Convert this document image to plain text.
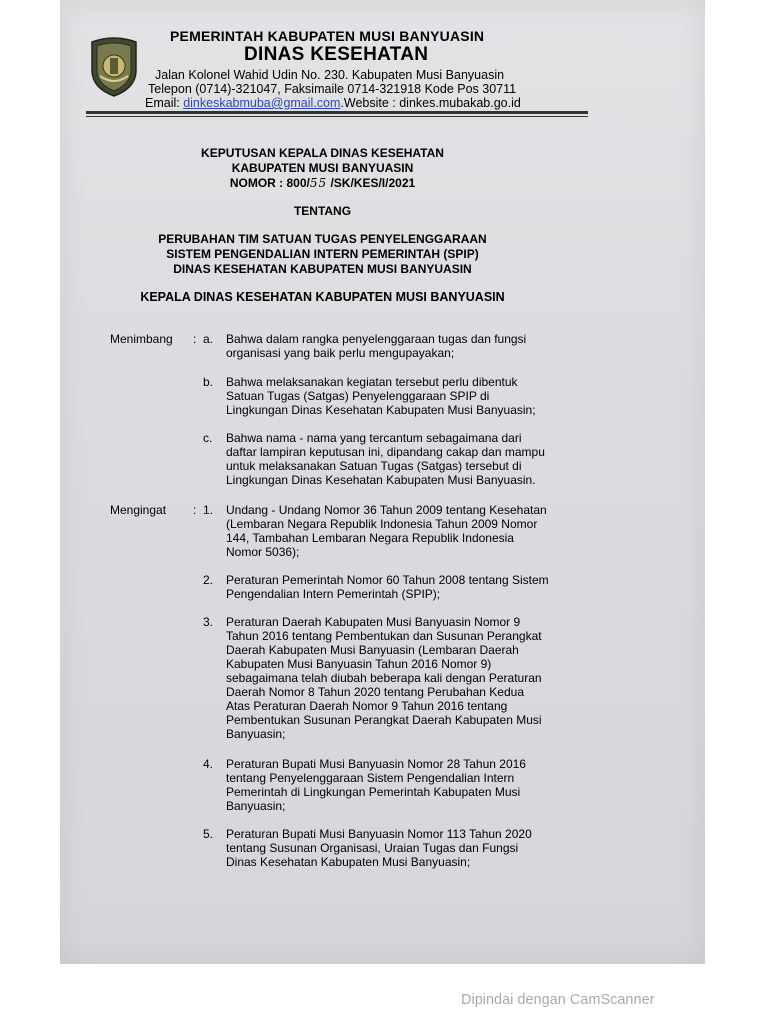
PEMERINTAH KABUPATEN MUSI BANYUASIN
DINAS KESEHATAN
Jalan Kolonel Wahid Udin No. 230. Kabupaten Musi Banyuasin
Telepon (0714)-321047, Faksimaile 0714-321918 Kode Pos 30711
Email: dinkeskabmuba@gmail.com.Website : dinkes.mubakab.go.id
KEPUTUSAN KEPALA DINAS KESEHATAN
KABUPATEN MUSI BANYUASIN
NOMOR : 800/55 /SK/KES/I/2021
TENTANG
PERUBAHAN TIM SATUAN TUGAS PENYELENGGARAAN
SISTEM PENGENDALIAN INTERN PEMERINTAH (SPIP)
DINAS KESEHATAN KABUPATEN MUSI BANYUASIN
KEPALA DINAS KESEHATAN KABUPATEN MUSI BANYUASIN
Menimbang : a. Bahwa dalam rangka penyelenggaraan tugas dan fungsi
organisasi yang baik perlu mengupayakan;
b. Bahwa melaksanakan kegiatan tersebut perlu dibentuk
Satuan Tugas (Satgas) Penyelenggaraan SPIP di
Lingkungan Dinas Kesehatan Kabupaten Musi Banyuasin;
c. Bahwa nama - nama yang tercantum sebagaimana dari
daftar lampiran keputusan ini, dipandang cakap dan mampu
untuk melaksanakan Satuan Tugas (Satgas) tersebut di
Lingkungan Dinas Kesehatan Kabupaten Musi Banyuasin.
Mengingat : 1. Undang - Undang Nomor 36 Tahun 2009 tentang Kesehatan
(Lembaran Negara Republik Indonesia Tahun 2009 Nomor
144, Tambahan Lembaran Negara Republik Indonesia
Nomor 5036);
2. Peraturan Pemerintah Nomor 60 Tahun 2008 tentang Sistem
Pengendalian Intern Pemerintah (SPIP);
3. Peraturan Daerah Kabupaten Musi Banyuasin Nomor 9
Tahun 2016 tentang Pembentukan dan Susunan Perangkat
Daerah Kabupaten Musi Banyuasin (Lembaran Daerah
Kabupaten Musi Banyuasin Tahun 2016 Nomor 9)
sebagaimana telah diubah beberapa kali dengan Peraturan
Daerah Nomor 8 Tahun 2020 tentang Perubahan Kedua
Atas Peraturan Daerah Nomor 9 Tahun 2016 tentang
Pembentukan Susunan Perangkat Daerah Kabupaten Musi
Banyuasin;
4. Peraturan Bupati Musi Banyuasin Nomor 28 Tahun 2016
tentang Penyelenggaraan Sistem Pengendalian Intern
Pemerintah di Lingkungan Pemerintah Kabupaten Musi
Banyuasin;
5. Peraturan Bupati Musi Banyuasin Nomor 113 Tahun 2020
tentang Susunan Organisasi, Uraian Tugas dan Fungsi
Dinas Kesehatan Kabupaten Musi Banyuasin;
Dipindai dengan CamScanner
